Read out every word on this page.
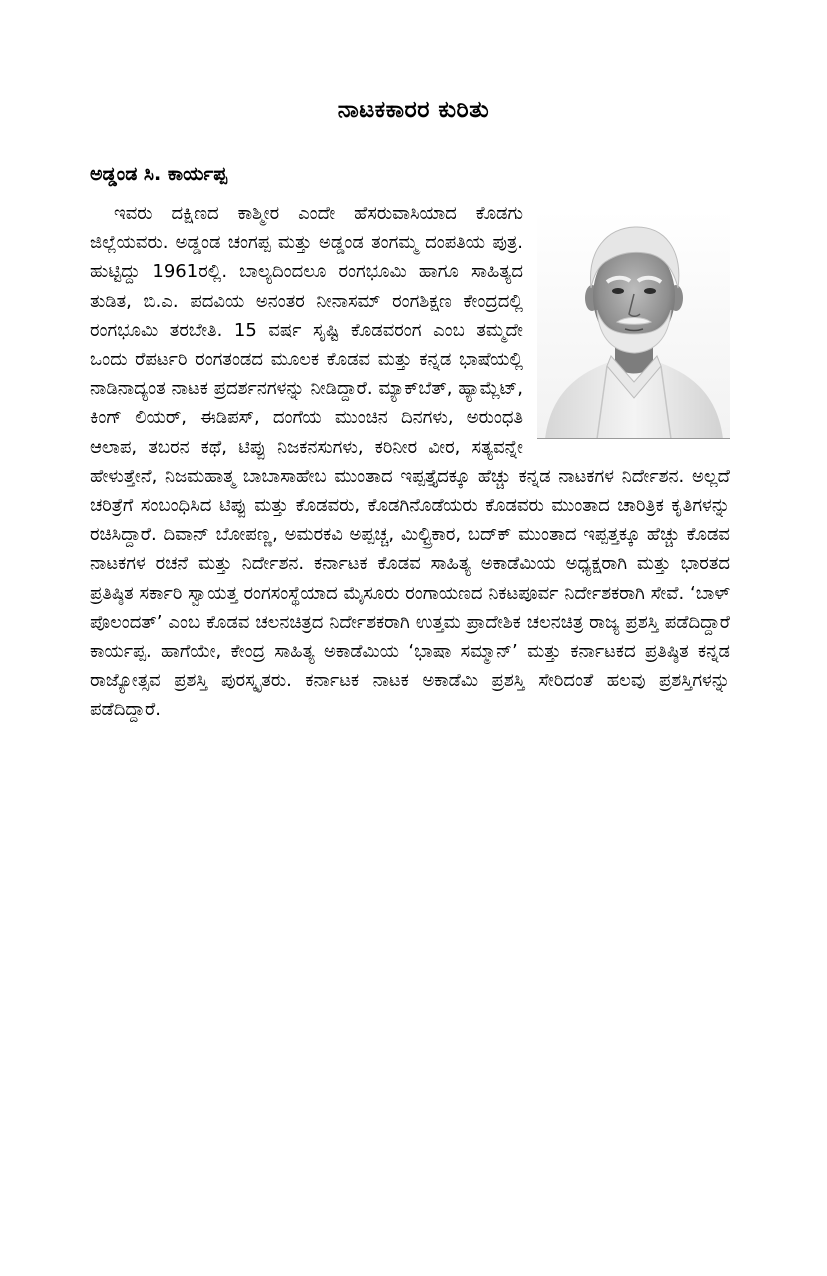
ನಾಟಕಕಾರರ ಕುರಿತು
ಅಡ್ಡಂಡ ಸಿ. ಕಾರ್ಯಪ್ಪ
ಇವರು ದಕ್ಷಿಣದ ಕಾಶ್ಮೀರ ಎಂದೇ ಹೆಸರುವಾಸಿಯಾದ ಕೊಡಗು ಜಿಲ್ಲೆಯವರು. ಅಡ್ಡಂಡ ಚಂಗಪ್ಪ ಮತ್ತು ಅಡ್ಡಂಡ ತಂಗಮ್ಮ ದಂಪತಿಯ ಪುತ್ರ. ಹುಟ್ಟಿದ್ದು 1961ರಲ್ಲಿ. ಬಾಲ್ಯದಿಂದಲೂ ರಂಗಭೂಮಿ ಹಾಗೂ ಸಾಹಿತ್ಯದ ತುಡಿತ, ಬಿ.ಎ. ಪದವಿಯ ಅನಂತರ ನೀನಾಸಮ್ ರಂಗಶಿಕ್ಷಣ ಕೇಂದ್ರದಲ್ಲಿ ರಂಗಭೂಮಿ ತರಬೇತಿ. 15 ವರ್ಷ ಸೃಷ್ಟಿ ಕೊಡವರಂಗ ಎಂಬ ತಮ್ಮದೇ ಒಂದು ರೆಪರ್ಟರಿ ರಂಗತಂಡದ ಮೂಲಕ ಕೊಡವ ಮತ್ತು ಕನ್ನಡ ಭಾಷೆಯಲ್ಲಿ ನಾಡಿನಾದ್ಯಂತ ನಾಟಕ ಪ್ರದರ್ಶನಗಳನ್ನು ನೀಡಿದ್ದಾರೆ. ಮ್ಯಾಕ್‌ಬೆತ್, ಹ್ಯಾಮ್ಲೆಟ್, ಕಿಂಗ್ ಲಿಯರ್, ಈಡಿಪಸ್, ದಂಗೆಯ ಮುಂಚಿನ ದಿನಗಳು, ಅರುಂಧತಿ ಆಲಾಪ, ತಬರನ ಕಥೆ, ಟಿಪ್ಪು ನಿಜಕನಸುಗಳು, ಕರಿನೀರ ವೀರ, ಸತ್ಯವನ್ನೇ ಹೇಳುತ್ತೇನೆ, ನಿಜಮಹಾತ್ಮ ಬಾಬಾಸಾಹೇಬ ಮುಂತಾದ ಇಪ್ಪತ್ತೈದಕ್ಕೂ ಹೆಚ್ಚು ಕನ್ನಡ ನಾಟಕಗಳ ನಿರ್ದೇಶನ. ಅಲ್ಲದೆ ಚರಿತ್ರೆಗೆ ಸಂಬಂಧಿಸಿದ ಟಿಪ್ಪು ಮತ್ತು ಕೊಡವರು, ಕೊಡಗಿನೊಡೆಯರು ಕೊಡವರು ಮುಂತಾದ ಚಾರಿತ್ರಿಕ ಕೃತಿಗಳನ್ನು ರಚಿಸಿದ್ದಾರೆ. ದಿವಾನ್ ಬೋಪಣ್ಣ, ಅಮರಕವಿ ಅಪ್ಪಚ್ಚ, ಮಿಲ್ಟ್ರಿಕಾರ, ಬದ್‌ಕ್ ಮುಂತಾದ ಇಪ್ಪತ್ತಕ್ಕೂ ಹೆಚ್ಚು ಕೊಡವ ನಾಟಕಗಳ ರಚನೆ ಮತ್ತು ನಿರ್ದೇಶನ. ಕರ್ನಾಟಕ ಕೊಡವ ಸಾಹಿತ್ಯ ಅಕಾಡೆಮಿಯ ಅಧ್ಯಕ್ಷರಾಗಿ ಮತ್ತು ಭಾರತದ ಪ್ರತಿಷ್ಠಿತ ಸರ್ಕಾರಿ ಸ್ವಾಯತ್ತ ರಂಗಸಂಸ್ಥೆಯಾದ ಮೈಸೂರು ರಂಗಾಯಣದ ನಿಕಟಪೂರ್ವ ನಿರ್ದೇಶಕರಾಗಿ ಸೇವೆ. ‘ಬಾಳ್ ಪೊಲಂದತ್’ ಎಂಬ ಕೊಡವ ಚಲನಚಿತ್ರದ ನಿರ್ದೇಶಕರಾಗಿ ಉತ್ತಮ ಪ್ರಾದೇಶಿಕ ಚಲನಚಿತ್ರ ರಾಜ್ಯ ಪ್ರಶಸ್ತಿ ಪಡೆದಿದ್ದಾರೆ ಕಾರ್ಯಪ್ಪ. ಹಾಗೆಯೇ, ಕೇಂದ್ರ ಸಾಹಿತ್ಯ ಅಕಾಡೆಮಿಯ ‘ಭಾಷಾ ಸಮ್ಮಾನ್’ ಮತ್ತು ಕರ್ನಾಟಕದ ಪ್ರತಿಷ್ಠಿತ ಕನ್ನಡ ರಾಜ್ಯೋತ್ಸವ ಪ್ರಶಸ್ತಿ ಪುರಸ್ಕೃತರು. ಕರ್ನಾಟಕ ನಾಟಕ ಅಕಾಡೆಮಿ ಪ್ರಶಸ್ತಿ ಸೇರಿದಂತೆ ಹಲವು ಪ್ರಶಸ್ತಿಗಳನ್ನು ಪಡೆದಿದ್ದಾರೆ.
